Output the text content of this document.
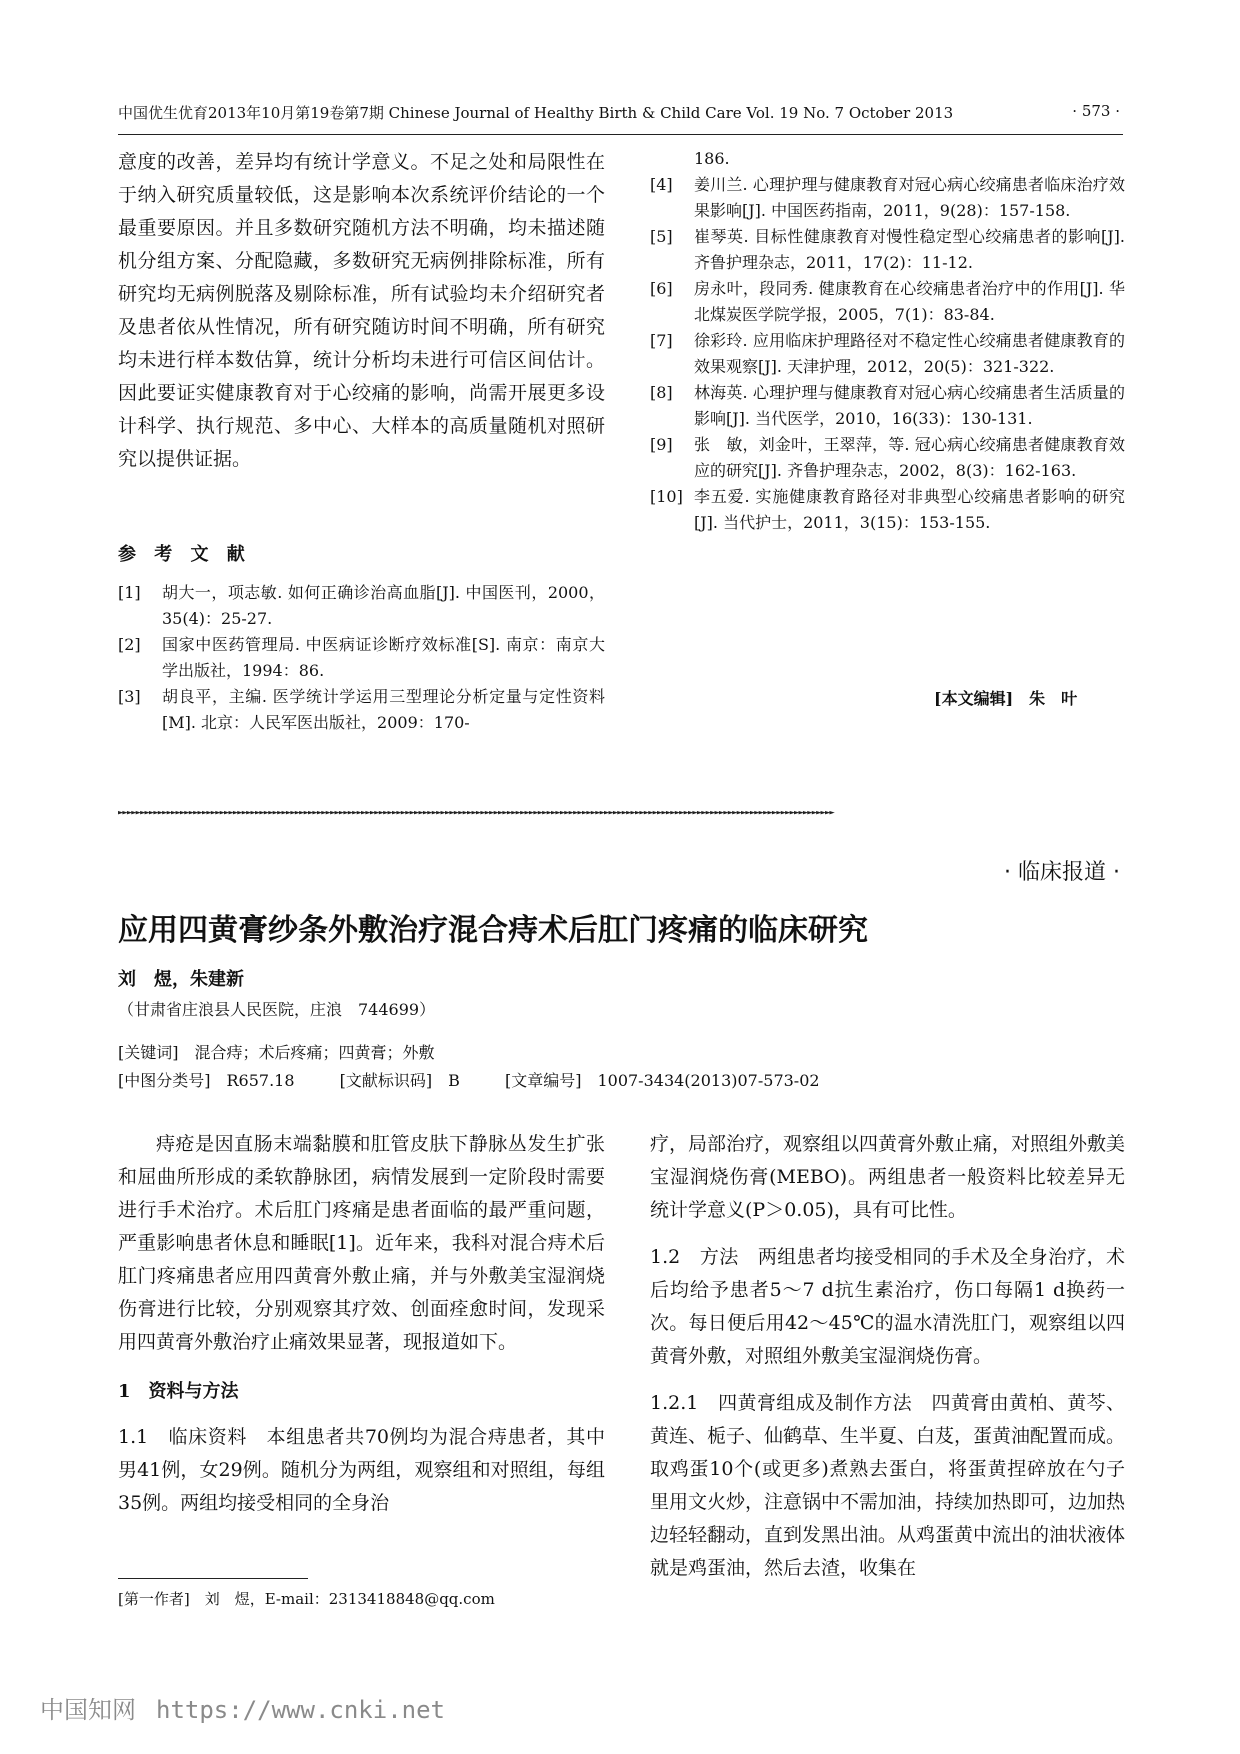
中国优生优育2013年10月第19卷第7期 Chinese Journal of Healthy Birth & Child Care Vol. 19 No. 7 October 2013	· 573 ·
意度的改善，差异均有统计学意义。不足之处和局限性在于纳入研究质量较低，这是影响本次系统评价结论的一个最重要原因。并且多数研究随机方法不明确，均未描述随机分组方案、分配隐藏，多数研究无病例排除标准，所有研究均无病例脱落及剔除标准，所有试验均未介绍研究者及患者依从性情况，所有研究随访时间不明确，所有研究均未进行样本数估算，统计分析均未进行可信区间估计。因此要证实健康教育对于心绞痛的影响，尚需开展更多设计科学、执行规范、多中心、大样本的高质量随机对照研究以提供证据。
参 考 文 献
[1]	胡大一，项志敏. 如何正确诊治高血脂[J]. 中国医刊，2000，35(4)：25-27.
[2]	国家中医药管理局. 中医病证诊断疗效标准[S]. 南京：南京大学出版社，1994：86.
[3]	胡良平，主编. 医学统计学运用三型理论分析定量与定性资料[M]. 北京：人民军医出版社，2009：170-
186.
[4]	姜川兰. 心理护理与健康教育对冠心病心绞痛患者临床治疗效果影响[J]. 中国医药指南，2011，9(28)：157-158.
[5]	崔琴英. 目标性健康教育对慢性稳定型心绞痛患者的影响[J]. 齐鲁护理杂志，2011，17(2)：11-12.
[6]	房永叶，段同秀. 健康教育在心绞痛患者治疗中的作用[J]. 华北煤炭医学院学报，2005，7(1)：83-84.
[7]	徐彩玲. 应用临床护理路径对不稳定性心绞痛患者健康教育的效果观察[J]. 天津护理，2012，20(5)：321-322.
[8]	林海英. 心理护理与健康教育对冠心病心绞痛患者生活质量的影响[J]. 当代医学，2010，16(33)：130-131.
[9]	张　敏，刘金叶，王翠萍，等. 冠心病心绞痛患者健康教育效应的研究[J]. 齐鲁护理杂志，2002，8(3)：162-163.
[10] 李五爱. 实施健康教育路径对非典型心绞痛患者影响的研究[J]. 当代护士，2011，3(15)：153-155.
[本文编辑]　朱　叶
►►►►►►►►►►►►►►►►►►►►►►►►►►►►►►►►►►►►►►►►►►►►►►►►►►►►►►►►►►►►►►►►►►►►►►►►►►►►►►►►►►►►►►►►►►►►►►►►►►►►►►►►►►►►►►►►►►►►►►►►►►►►►►►►►►►►►►►►►►►►►►►►►►►►►►►►►►►►►►►►►►
· 临床报道 ·
应用四黄膏纱条外敷治疗混合痔术后肛门疼痛的临床研究
刘　煜，朱建新
（甘肃省庄浪县人民医院，庄浪　744699）
[关键词]　混合痔；术后疼痛；四黄膏；外敷
[中图分类号]　R657.18	[文献标识码]　B	[文章编号]　1007-3434(2013)07-573-02
痔疮是因直肠末端黏膜和肛管皮肤下静脉丛发生扩张和屈曲所形成的柔软静脉团，病情发展到一定阶段时需要进行手术治疗。术后肛门疼痛是患者面临的最严重问题，严重影响患者休息和睡眠[1]。近年来，我科对混合痔术后肛门疼痛患者应用四黄膏外敷止痛，并与外敷美宝湿润烧伤膏进行比较，分别观察其疗效、创面痊愈时间，发现采用四黄膏外敷治疗止痛效果显著，现报道如下。
1　资料与方法
1.1　临床资料　本组患者共70例均为混合痔患者，其中男41例，女29例。随机分为两组，观察组和对照组，每组35例。两组均接受相同的全身治
疗，局部治疗，观察组以四黄膏外敷止痛，对照组外敷美宝湿润烧伤膏(MEBO)。两组患者一般资料比较差异无统计学意义(P＞0.05)，具有可比性。
1.2　方法　两组患者均接受相同的手术及全身治疗，术后均给予患者5～7 d抗生素治疗，伤口每隔1 d换药一次。每日便后用42～45℃的温水清洗肛门，观察组以四黄膏外敷，对照组外敷美宝湿润烧伤膏。
1.2.1　四黄膏组成及制作方法　四黄膏由黄柏、黄芩、黄连、栀子、仙鹤草、生半夏、白芨，蛋黄油配置而成。取鸡蛋10个(或更多)煮熟去蛋白，将蛋黄捏碎放在勺子里用文火炒，注意锅中不需加油，持续加热即可，边加热边轻轻翻动，直到发黑出油。从鸡蛋黄中流出的油状液体就是鸡蛋油，然后去渣，收集在
[第一作者]　刘　煜，E-mail：2313418848@qq.com
中国知网 https://www.cnki.net
